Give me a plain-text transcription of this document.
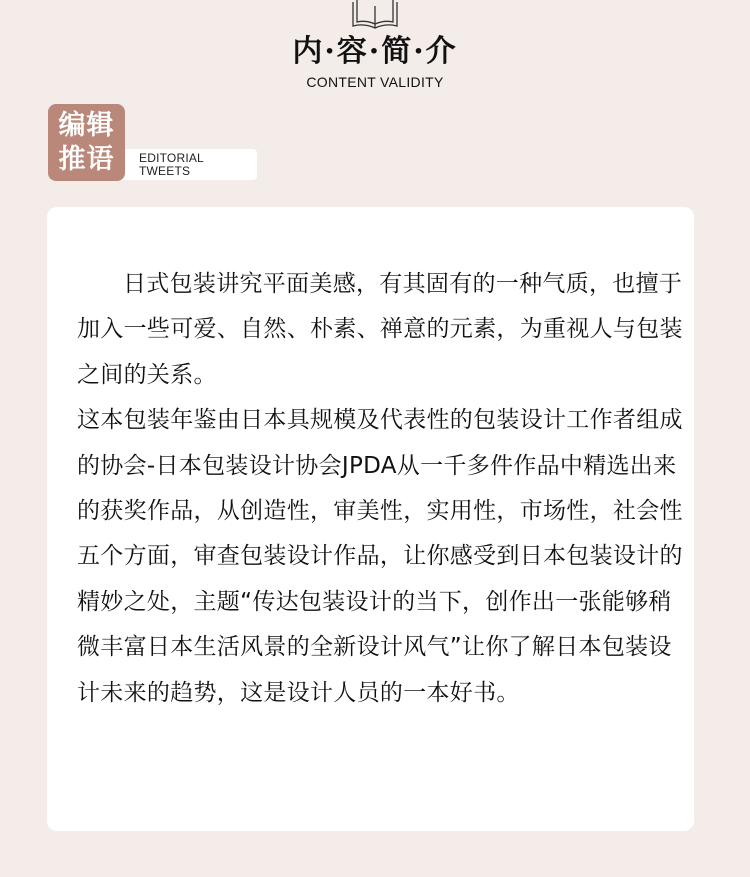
内·容·简·介
CONTENT VALIDITY
EDITORIAL
TWEETS
编辑
推语

日式包装讲究平面美感，有其固有的一种气质，也擅于加入一些可爱、自然、朴素、禅意的元素，为重视人与包装之间的关系。

这本包装年鉴由日本具规模及代表性的包装设计工作者组成的协会-日本包装设计协会JPDA从一千多件作品中精选出来的获奖作品，从创造性，审美性，实用性，市场性，社会性五个方面，审查包装设计作品，让你感受到日本包装设计的精妙之处，主题“传达包装设计的当下，创作出一张能够稍微丰富日本生活风景的全新设计风气”让你了解日本包装设计未来的趋势，这是设计人员的一本好书。
